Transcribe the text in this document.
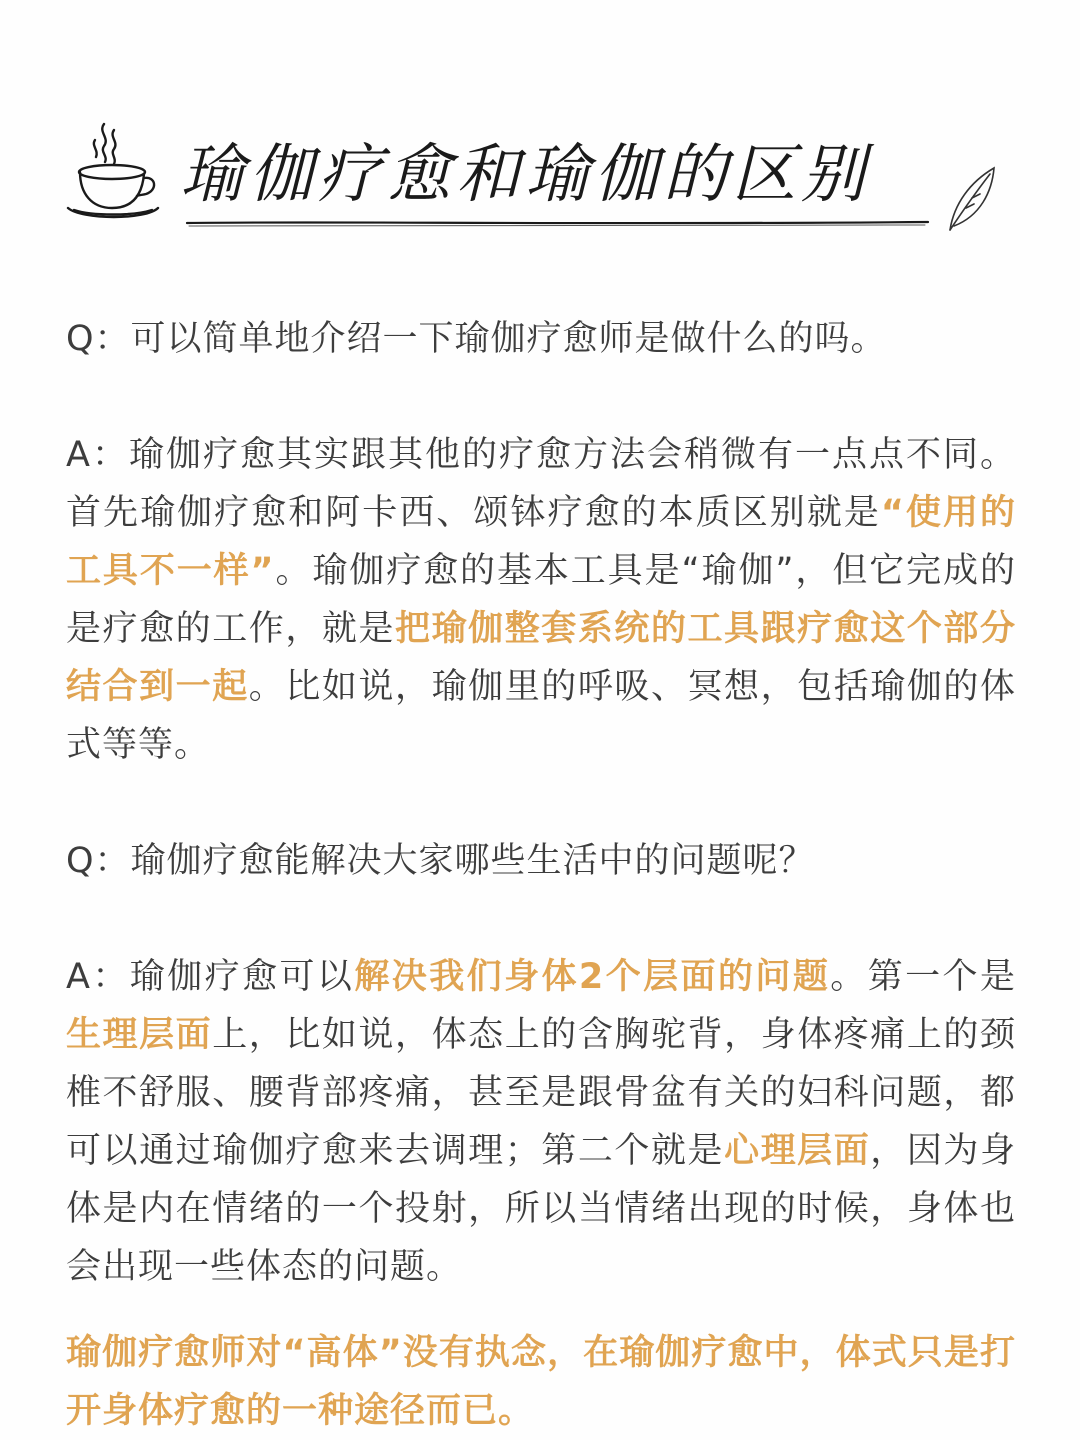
瑜伽疗愈和瑜伽的区别

Q：可以简单地介绍一下瑜伽疗愈师是做什么的吗。

A：瑜伽疗愈其实跟其他的疗愈方法会稍微有一点点不同。首先瑜伽疗愈和阿卡西、颂钵疗愈的本质区别就是“使用的工具不一样”。瑜伽疗愈的基本工具是“瑜伽”，但它完成的是疗愈的工作，就是把瑜伽整套系统的工具跟疗愈这个部分结合到一起。比如说，瑜伽里的呼吸、冥想，包括瑜伽的体式等等。

Q：瑜伽疗愈能解决大家哪些生活中的问题呢？

A：瑜伽疗愈可以解决我们身体2个层面的问题。第一个是生理层面上，比如说，体态上的含胸驼背，身体疼痛上的颈椎不舒服、腰背部疼痛，甚至是跟骨盆有关的妇科问题，都可以通过瑜伽疗愈来去调理；第二个就是心理层面，因为身体是内在情绪的一个投射，所以当情绪出现的时候，身体也会出现一些体态的问题。

瑜伽疗愈师对“高体”没有执念，在瑜伽疗愈中，体式只是打开身体疗愈的一种途径而已。
